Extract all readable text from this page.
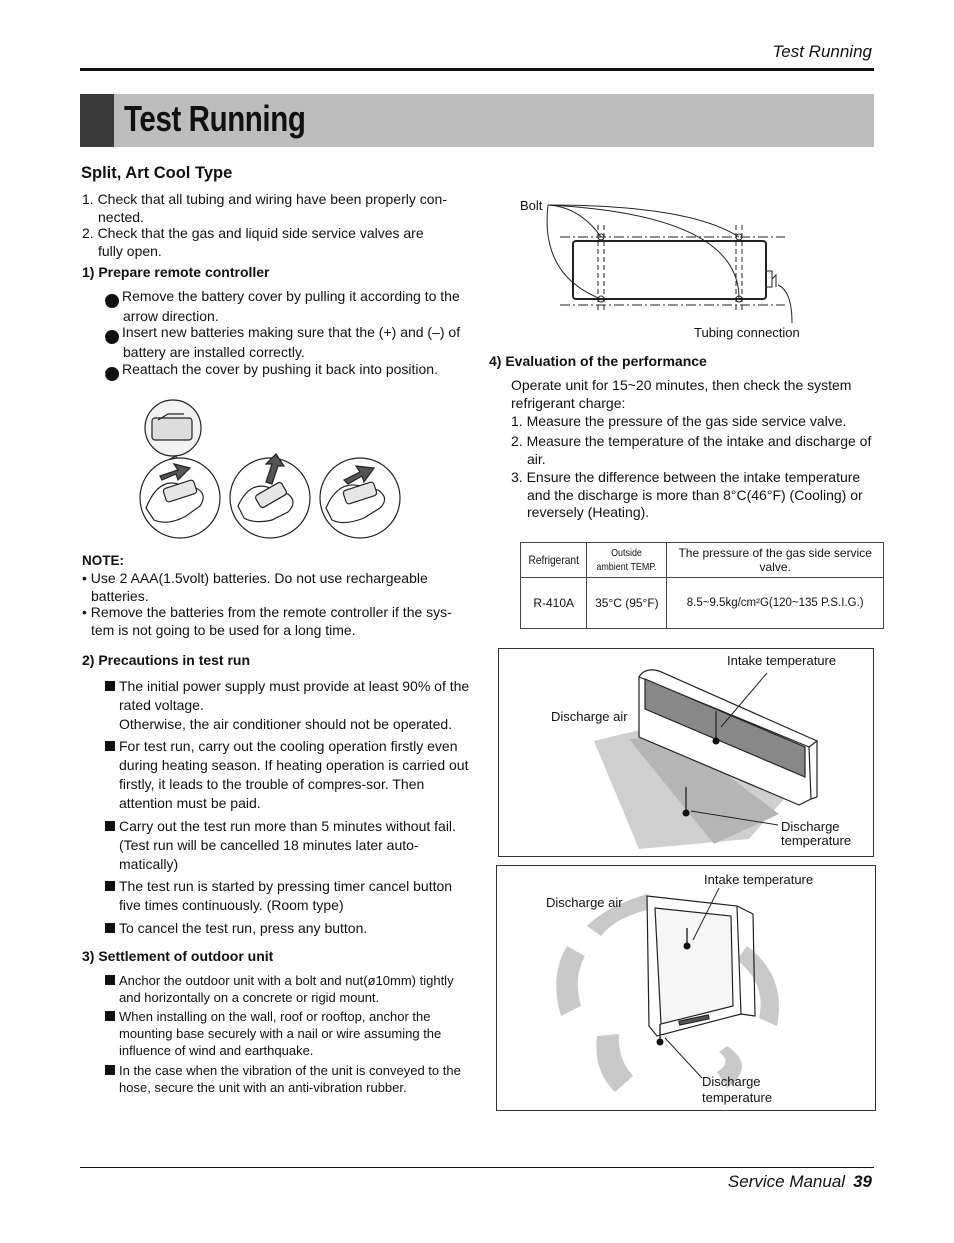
Test Running
Test Running
Split, Art Cool Type
1. Check that all tubing and wiring have been properly con-
nected.
2. Check that the gas and liquid side service valves are
fully open.
1) Prepare remote controller
1 Remove the battery cover by pulling it according to the arrow direction.
2 Insert new batteries making sure that the (+) and (–) of battery are installed correctly.
3 Reattach the cover by pushing it back into position.
NOTE:
• Use 2 AAA(1.5volt) batteries. Do not use rechargeable batteries.
• Remove the batteries from the remote controller if the sys-tem is not going to be used for a long time.
2) Precautions in test run
The initial power supply must provide at least 90% of the rated voltage.
Otherwise, the air conditioner should not be operated.
For test run, carry out the cooling operation firstly even during heating season. If heating operation is carried out firstly, it leads to the trouble of compres-sor. Then attention must be paid.
Carry out the test run more than 5 minutes without fail. (Test run will be cancelled 18 minutes later auto-matically)
The test run is started by pressing timer cancel button five times continuously. (Room type)
To cancel the test run, press any button.
3) Settlement of outdoor unit
Anchor the outdoor unit with a bolt and nut(ø10mm) tightly and horizontally on a concrete or rigid mount.
When installing on the wall, roof or rooftop, anchor the mounting base securely with a nail or wire assuming the influence of wind and earthquake.
In the case when the vibration of the unit is conveyed to the hose, secure the unit with an anti-vibration rubber.
Bolt
Tubing connection
4) Evaluation of the performance
Operate unit for 15~20 minutes, then check the system refrigerant charge:
1. Measure the pressure of the gas side service valve.
2. Measure the temperature of the intake and discharge of air.
3. Ensure the difference between the intake temperature and the discharge is more than 8°C(46°F) (Cooling) or reversely (Heating).
Refrigerant	Outside ambient TEMP.	The pressure of the gas side service valve.
R-410A	35°C (95°F)	8.5~9.5kg/cm²G(120~135 P.S.I.G.)
Intake temperature
Discharge air
Discharge
temperature
Intake temperature
Discharge air
Discharge
temperature
Service Manual 39
